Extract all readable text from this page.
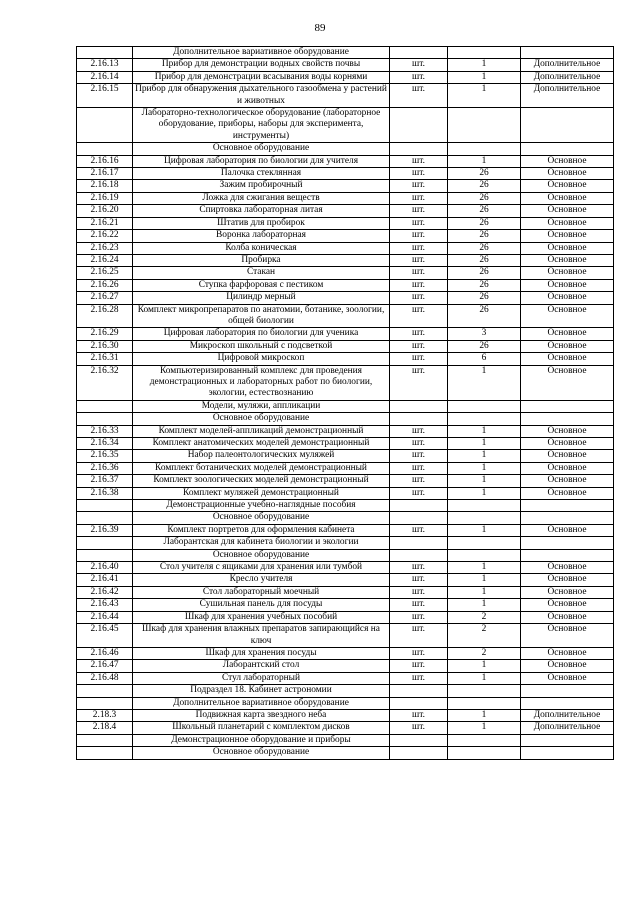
89
	Дополнительное вариативное оборудование			
2.16.13	Прибор для демонстрации водных свойств почвы	шт.	1	Дополнительное
2.16.14	Прибор для демонстрации всасывания воды корнями	шт.	1	Дополнительное
2.16.15	Прибор для обнаружения дыхательного газообмена у растений и животных	шт.	1	Дополнительное
	Лабораторно-технологическое оборудование (лабораторное оборудование, приборы, наборы для эксперимента, инструменты)			
	Основное оборудование			
2.16.16	Цифровая лаборатория по биологии для учителя	шт.	1	Основное
2.16.17	Палочка стеклянная	шт.	26	Основное
2.16.18	Зажим пробирочный	шт.	26	Основное
2.16.19	Ложка для сжигания веществ	шт.	26	Основное
2.16.20	Спиртовка лабораторная литая	шт.	26	Основное
2.16.21	Штатив для пробирок	шт.	26	Основное
2.16.22	Воронка лабораторная	шт.	26	Основное
2.16.23	Колба коническая	шт.	26	Основное
2.16.24	Пробирка	шт.	26	Основное
2.16.25	Стакан	шт.	26	Основное
2.16.26	Ступка фарфоровая с пестиком	шт.	26	Основное
2.16.27	Цилиндр мерный	шт.	26	Основное
2.16.28	Комплект микропрепаратов по анатомии, ботанике, зоологии, общей биологии	шт.	26	Основное
2.16.29	Цифровая лаборатория по биологии для ученика	шт.	3	Основное
2.16.30	Микроскоп школьный с подсветкой	шт.	26	Основное
2.16.31	Цифровой микроскоп	шт.	6	Основное
2.16.32	Компьютеризированный комплекс для проведения демонстрационных и лабораторных работ по биологии, экологии, естествознанию	шт.	1	Основное
	Модели, муляжи, аппликации			
	Основное оборудование			
2.16.33	Комплект моделей-аппликаций демонстрационный	шт.	1	Основное
2.16.34	Комплект анатомических моделей демонстрационный	шт.	1	Основное
2.16.35	Набор палеонтологических муляжей	шт.	1	Основное
2.16.36	Комплект ботанических моделей демонстрационный	шт.	1	Основное
2.16.37	Комплект зоологических моделей демонстрационный	шт.	1	Основное
2.16.38	Комплект муляжей демонстрационный	шт.	1	Основное
	Демонстрационные учебно-наглядные пособия			
	Основное оборудование			
2.16.39	Комплект портретов для оформления кабинета	шт.	1	Основное
	Лаборантская для кабинета биологии и экологии			
	Основное оборудование			
2.16.40	Стол учителя с ящиками для хранения или тумбой	шт.	1	Основное
2.16.41	Кресло учителя	шт.	1	Основное
2.16.42	Стол лабораторный моечный	шт.	1	Основное
2.16.43	Сушильная панель для посуды	шт.	1	Основное
2.16.44	Шкаф для хранения учебных пособий	шт.	2	Основное
2.16.45	Шкаф для хранения влажных препаратов запирающийся на ключ	шт.	2	Основное
2.16.46	Шкаф для хранения посуды	шт.	2	Основное
2.16.47	Лаборантский стол	шт.	1	Основное
2.16.48	Стул лабораторный	шт.	1	Основное
	Подраздел 18. Кабинет астрономии			
	Дополнительное вариативное оборудование			
2.18.3	Подвижная карта звездного неба	шт.	1	Дополнительное
2.18.4	Школьный планетарий с комплектом дисков	шт.	1	Дополнительное
	Демонстрационное оборудование и приборы			
	Основное оборудование			
